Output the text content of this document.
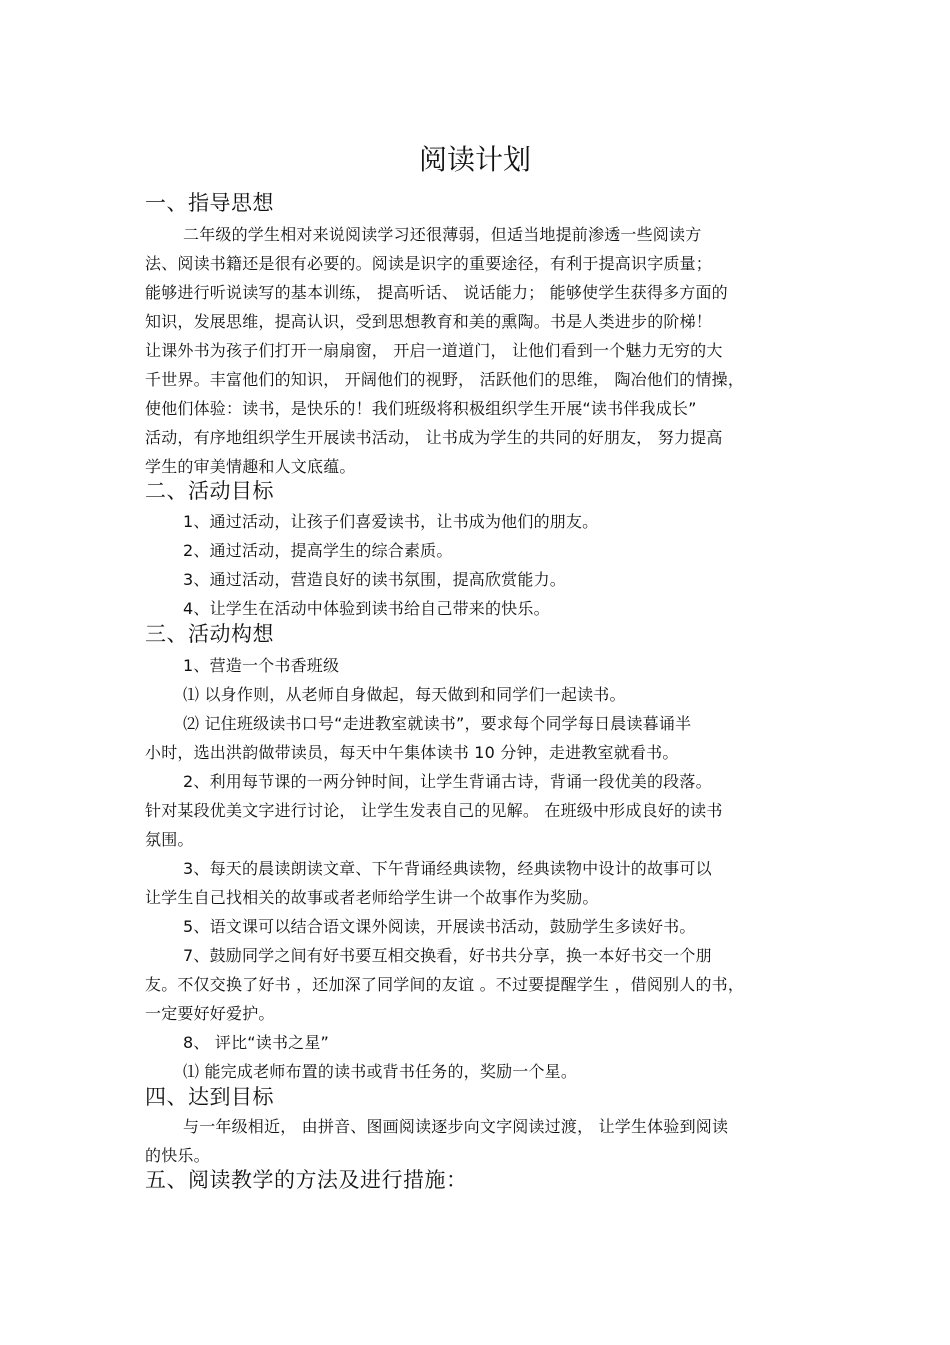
阅读计划
一、指导思想
二年级的学生相对来说阅读学习还很薄弱，但适当地提前渗透一些阅读方
法、阅读书籍还是很有必要的。阅读是识字的重要途径，有利于提高识字质量；
能够进行听说读写的基本训练， 提高听话、 说话能力； 能够使学生获得多方面的
知识，发展思维，提高认识，受到思想教育和美的熏陶。书是人类进步的阶梯！
让课外书为孩子们打开一扇扇窗， 开启一道道门， 让他们看到一个魅力无穷的大
千世界。丰富他们的知识， 开阔他们的视野， 活跃他们的思维， 陶冶他们的情操，
使他们体验：读书，是快乐的！我们班级将积极组织学生开展“读书伴我成长”
活动，有序地组织学生开展读书活动， 让书成为学生的共同的好朋友， 努力提高
学生的审美情趣和人文底蕴。
二、活动目标
1、通过活动，让孩子们喜爱读书，让书成为他们的朋友。
2、通过活动，提高学生的综合素质。
3、通过活动，营造良好的读书氛围，提高欣赏能力。
4、让学生在活动中体验到读书给自己带来的快乐。
三、活动构想
1、营造一个书香班级
⑴ 以身作则，从老师自身做起，每天做到和同学们一起读书。
⑵ 记住班级读书口号“走进教室就读书”，要求每个同学每日晨读暮诵半
小时，选出洪韵做带读员，每天中午集体读书 10 分钟，走进教室就看书。
2、利用每节课的一两分钟时间，让学生背诵古诗，背诵一段优美的段落。
针对某段优美文字进行讨论， 让学生发表自己的见解。 在班级中形成良好的读书
氛围。
3、每天的晨读朗读文章、下午背诵经典读物，经典读物中设计的故事可以
让学生自己找相关的故事或者老师给学生讲一个故事作为奖励。
5、语文课可以结合语文课外阅读，开展读书活动，鼓励学生多读好书。
7、鼓励同学之间有好书要互相交换看，好书共分享，换一本好书交一个朋
友。不仅交换了好书 ，还加深了同学间的友谊 。不过要提醒学生 ，借阅别人的书，
一定要好好爱护。
8、 评比“读书之星”
⑴ 能完成老师布置的读书或背书任务的，奖励一个星。
四、达到目标
与一年级相近， 由拼音、图画阅读逐步向文字阅读过渡， 让学生体验到阅读
的快乐。
五、阅读教学的方法及进行措施：
